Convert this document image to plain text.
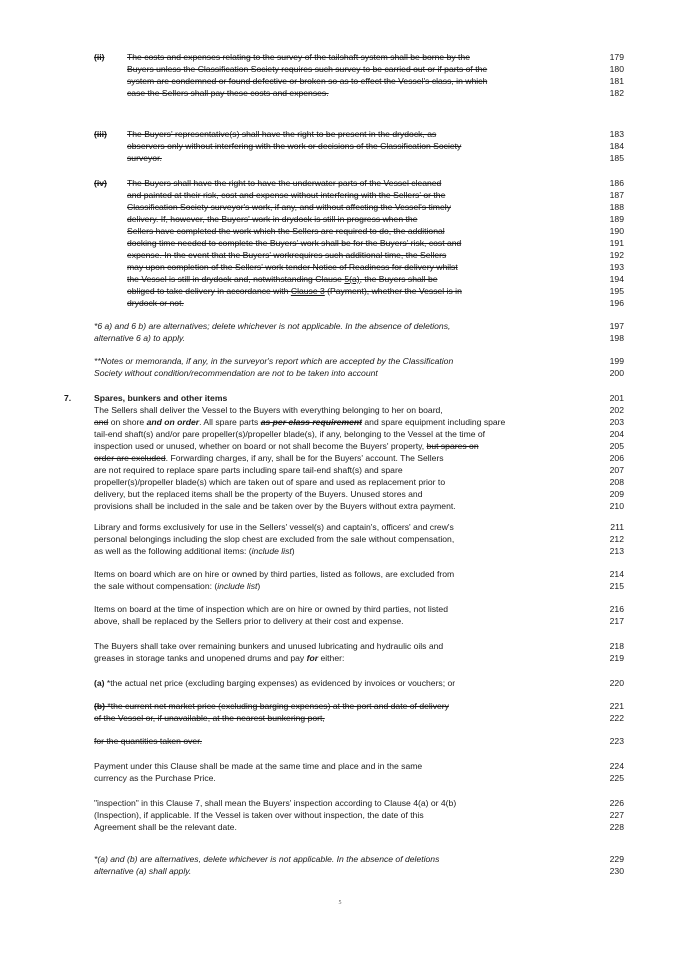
(ii)	The costs and expenses relating to the survey of the tailshaft system shall be borne by the	179
Buyers unless the Classification Society requires such survey to be carried out or if parts of the	180
system are condemned or found defective or broken so as to effect the Vessel's class, in which	181
case the Sellers shall pay these costs and expenses.	182
(iii) The Buyers' representative(s) shall have the right to be present in the drydock, as	183
observers only without interfering with the work or decisions of the Classification Society	184
surveyor.	185
(iv) The Buyers shall have the right to have the underwater parts of the Vessel cleaned	186
and painted at their risk, cost and expense without interfering with the Sellers' or the	187
Classification Society surveyor's work, if any, and without affecting the Vessel's timely	188
delivery. If, however, the Buyers' work in drydock is still in progress when the	189
Sellers have completed the work which the Sellers are required to do, the additional	190
docking time needed to complete the Buyers' work shall be for the Buyers' risk, cost and	191
expense. In the event that the Buyers' workrequires such additional time, the Sellers	192
may upon completion of the Sellers' work tender Notice of Readiness for delivery whilst	193
the Vessel is still in drydock and, notwithstanding Clause 5(a), the Buyers shall be	194
obliged to take delivery in accordance with Clause 3 (Payment), whether the Vessel is in	195
drydock or not.	196
*6 a) and 6 b) are alternatives; delete whichever is not applicable. In the absence of deletions,	197
alternative 6 a) to apply.	198
**Notes or memoranda, if any, in the surveyor's report which are accepted by the Classification	199
Society without condition/recommendation are not to be taken into account	200
7.	Spares, bunkers and other items	201
The Sellers shall deliver the Vessel to the Buyers with everything belonging to her on board,	202
and on shore and on order. All spare parts as per class requirement and spare equipment including spare	203
tail-end shaft(s) and/or pare propeller(s)/propeller blade(s), if any, belonging to the Vessel at the time of	204
inspection used or unused, whether on board or not shall become the Buyers' property, but spares on	205
order are excluded. Forwarding charges, if any, shall be for the Buyers' account. The Sellers	206
are not required to replace spare parts including spare tail-end shaft(s) and spare	207
propeller(s)/propeller blade(s) which are taken out of spare and used as replacement prior to	208
delivery, but the replaced items shall be the property of the Buyers. Unused stores and	209
provisions shall be included in the sale and be taken over by the Buyers without extra payment.	210
Library and forms exclusively for use in the Sellers' vessel(s) and captain's, officers' and crew's	211
personal belongings including the slop chest are excluded from the sale without compensation,	212
as well as the following additional items: (include list)	213
Items on board which are on hire or owned by third parties, listed as follows, are excluded from	214
the sale without compensation: (include list)	215
Items on board at the time of inspection which are on hire or owned by third parties, not listed	216
above, shall be replaced by the Sellers prior to delivery at their cost and expense.	217
The Buyers shall take over remaining bunkers and unused lubricating and hydraulic oils and	218
greases in storage tanks and unopened drums and pay for either:	219
(a) *the actual net price (excluding barging expenses) as evidenced by invoices or vouchers; or	220
(b) *the current net market price (excluding barging expenses) at the port and date of delivery	221
of the Vessel or, if unavailable, at the nearest bunkering port,	222
for the quantities taken over.	223
Payment under this Clause shall be made at the same time and place and in the same	224
currency as the Purchase Price.	225
"inspection" in this Clause 7, shall mean the Buyers' inspection according to Clause 4(a) or 4(b)	226
(Inspection), if applicable. If the Vessel is taken over without inspection, the date of this	227
Agreement shall be the relevant date.	228
*(a) and (b) are alternatives, delete whichever is not applicable. In the absence of deletions	229
alternative (a) shall apply.	230
5
